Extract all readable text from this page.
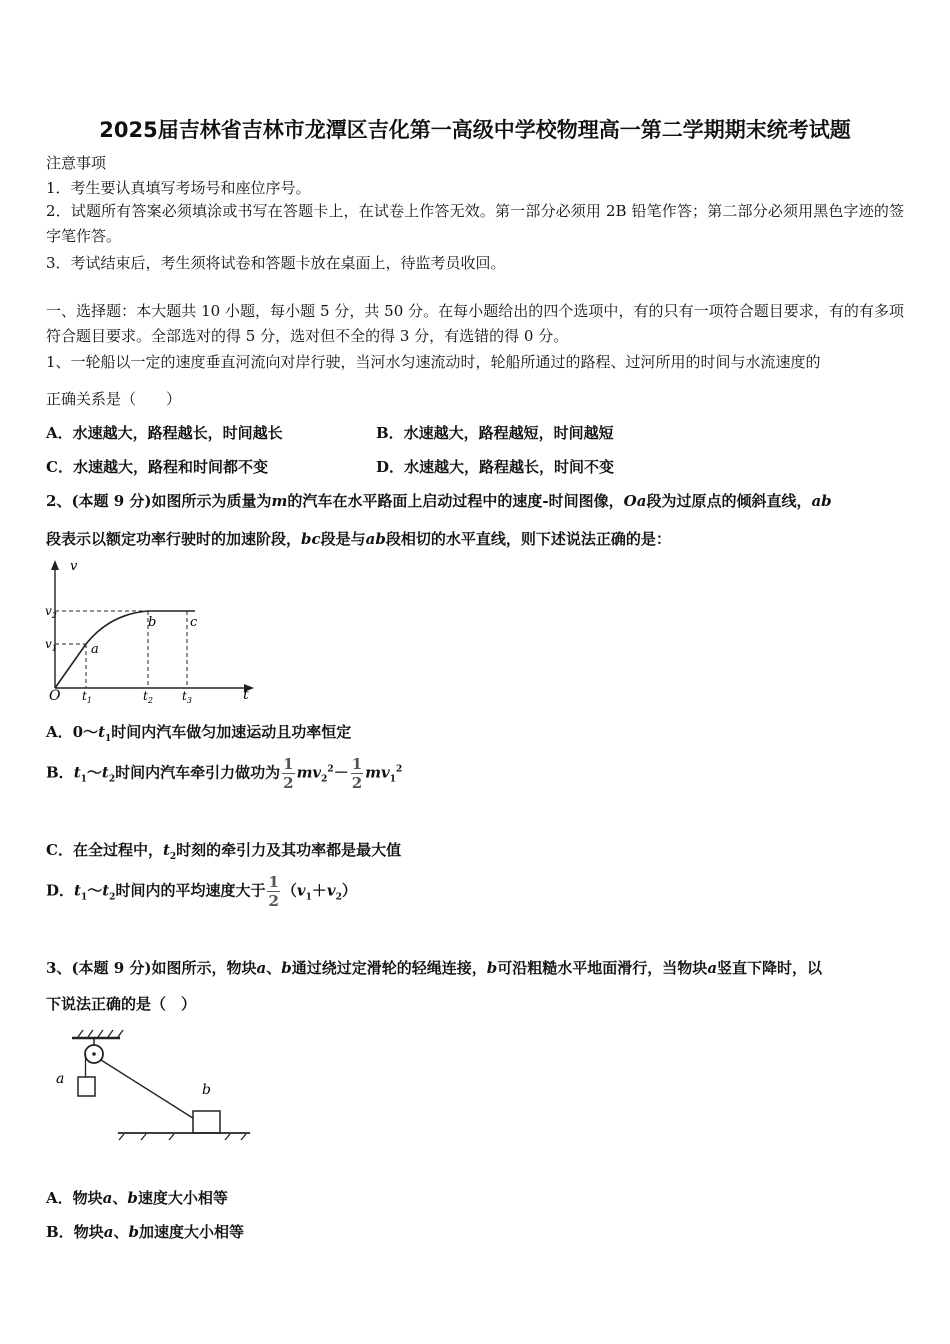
2025届吉林省吉林市龙潭区吉化第一高级中学校物理高一第二学期期末统考试题
注意事项
1．考生要认真填写考场号和座位序号。
2．试题所有答案必须填涂或书写在答题卡上，在试卷上作答无效。第一部分必须用 2B 铅笔作答；第二部分必须用黑色字迹的签字笔作答。
3．考试结束后，考生须将试卷和答题卡放在桌面上，待监考员收回。
一、选择题：本大题共 10 小题，每小题 5 分，共 50 分。在每小题给出的四个选项中，有的只有一项符合题目要求，有的有多项符合题目要求。全部选对的得 5 分，选对但不全的得 3 分，有选错的得 0 分。
1、一轮船以一定的速度垂直河流向对岸行驶，当河水匀速流动时，轮船所通过的路程、过河所用的时间与水流速度的
正确关系是（　　）
A．水速越大，路程越长，时间越长	B．水速越大，路程越短，时间越短
C．水速越大，路程和时间都不变	D．水速越大，路程越长，时间不变
2、(本题 9 分)如图所示为质量为m的汽车在水平路面上启动过程中的速度-时间图像，Oa段为过原点的倾斜直线，ab
段表示以额定功率行驶时的加速阶段，bc段是与ab段相切的水平直线，则下述说法正确的是：
v
t
O
$v_2$
$v_1$
$t_1$	$t_2$ $t_3$
a
b	c
A．$0\sim t_1$时间内汽车做匀加速运动且功率恒定
B．$t_1\sim t_2$时间内汽车牵引力做功为 $\frac{1}{2} mv_2^2- \frac{1}{2} mv_1^2$
C．在全过程中，$t_2$时刻的牵引力及其功率都是最大值
D．$t_1\sim t_2$时间内的平均速度大于 $\frac{1}{2} (v_1+v_2)$
3、(本题 9 分)如图所示，物块a、b通过绕过定滑轮的轻绳连接，b可沿粗糙水平地面滑行，当物块a竖直下降时，以
下说法正确的是（　）
a
b
A．物块a、b速度大小相等
B．物块a、b加速度大小相等
